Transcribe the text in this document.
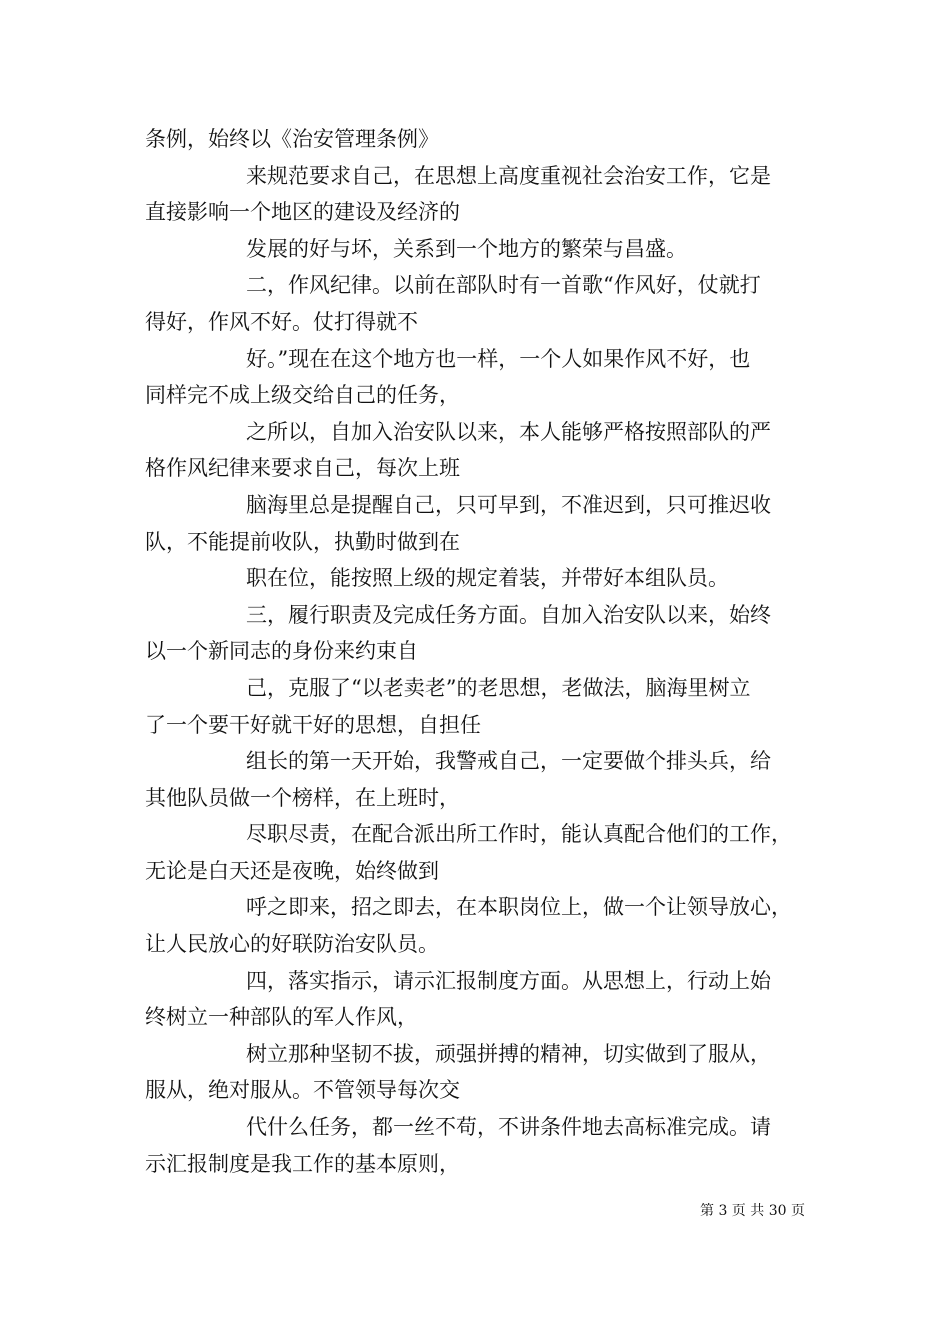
条例，始终以《治安管理条例》
来规范要求自己，在思想上高度重视社会治安工作，它是
直接影响一个地区的建设及经济的
发展的好与坏，关系到一个地方的繁荣与昌盛。
二，作风纪律。以前在部队时有一首歌“作风好，仗就打
得好，作风不好。仗打得就不
好。”现在在这个地方也一样，一个人如果作风不好，也
同样完不成上级交给自己的任务，
之所以，自加入治安队以来，本人能够严格按照部队的严
格作风纪律来要求自己，每次上班
脑海里总是提醒自己，只可早到，不准迟到，只可推迟收
队，不能提前收队，执勤时做到在
职在位，能按照上级的规定着装，并带好本组队员。
三，履行职责及完成任务方面。自加入治安队以来，始终
以一个新同志的身份来约束自
己，克服了“以老卖老”的老思想，老做法，脑海里树立
了一个要干好就干好的思想，自担任
组长的第一天开始，我警戒自己，一定要做个排头兵，给
其他队员做一个榜样，在上班时，
尽职尽责，在配合派出所工作时，能认真配合他们的工作，
无论是白天还是夜晚，始终做到
呼之即来，招之即去，在本职岗位上，做一个让领导放心，
让人民放心的好联防治安队员。
四，落实指示，请示汇报制度方面。从思想上，行动上始
终树立一种部队的军人作风，
树立那种坚韧不拔，顽强拼搏的精神，切实做到了服从，
服从，绝对服从。不管领导每次交
代什么任务，都一丝不苟，不讲条件地去高标准完成。请
示汇报制度是我工作的基本原则，
第 3 页 共 30 页
